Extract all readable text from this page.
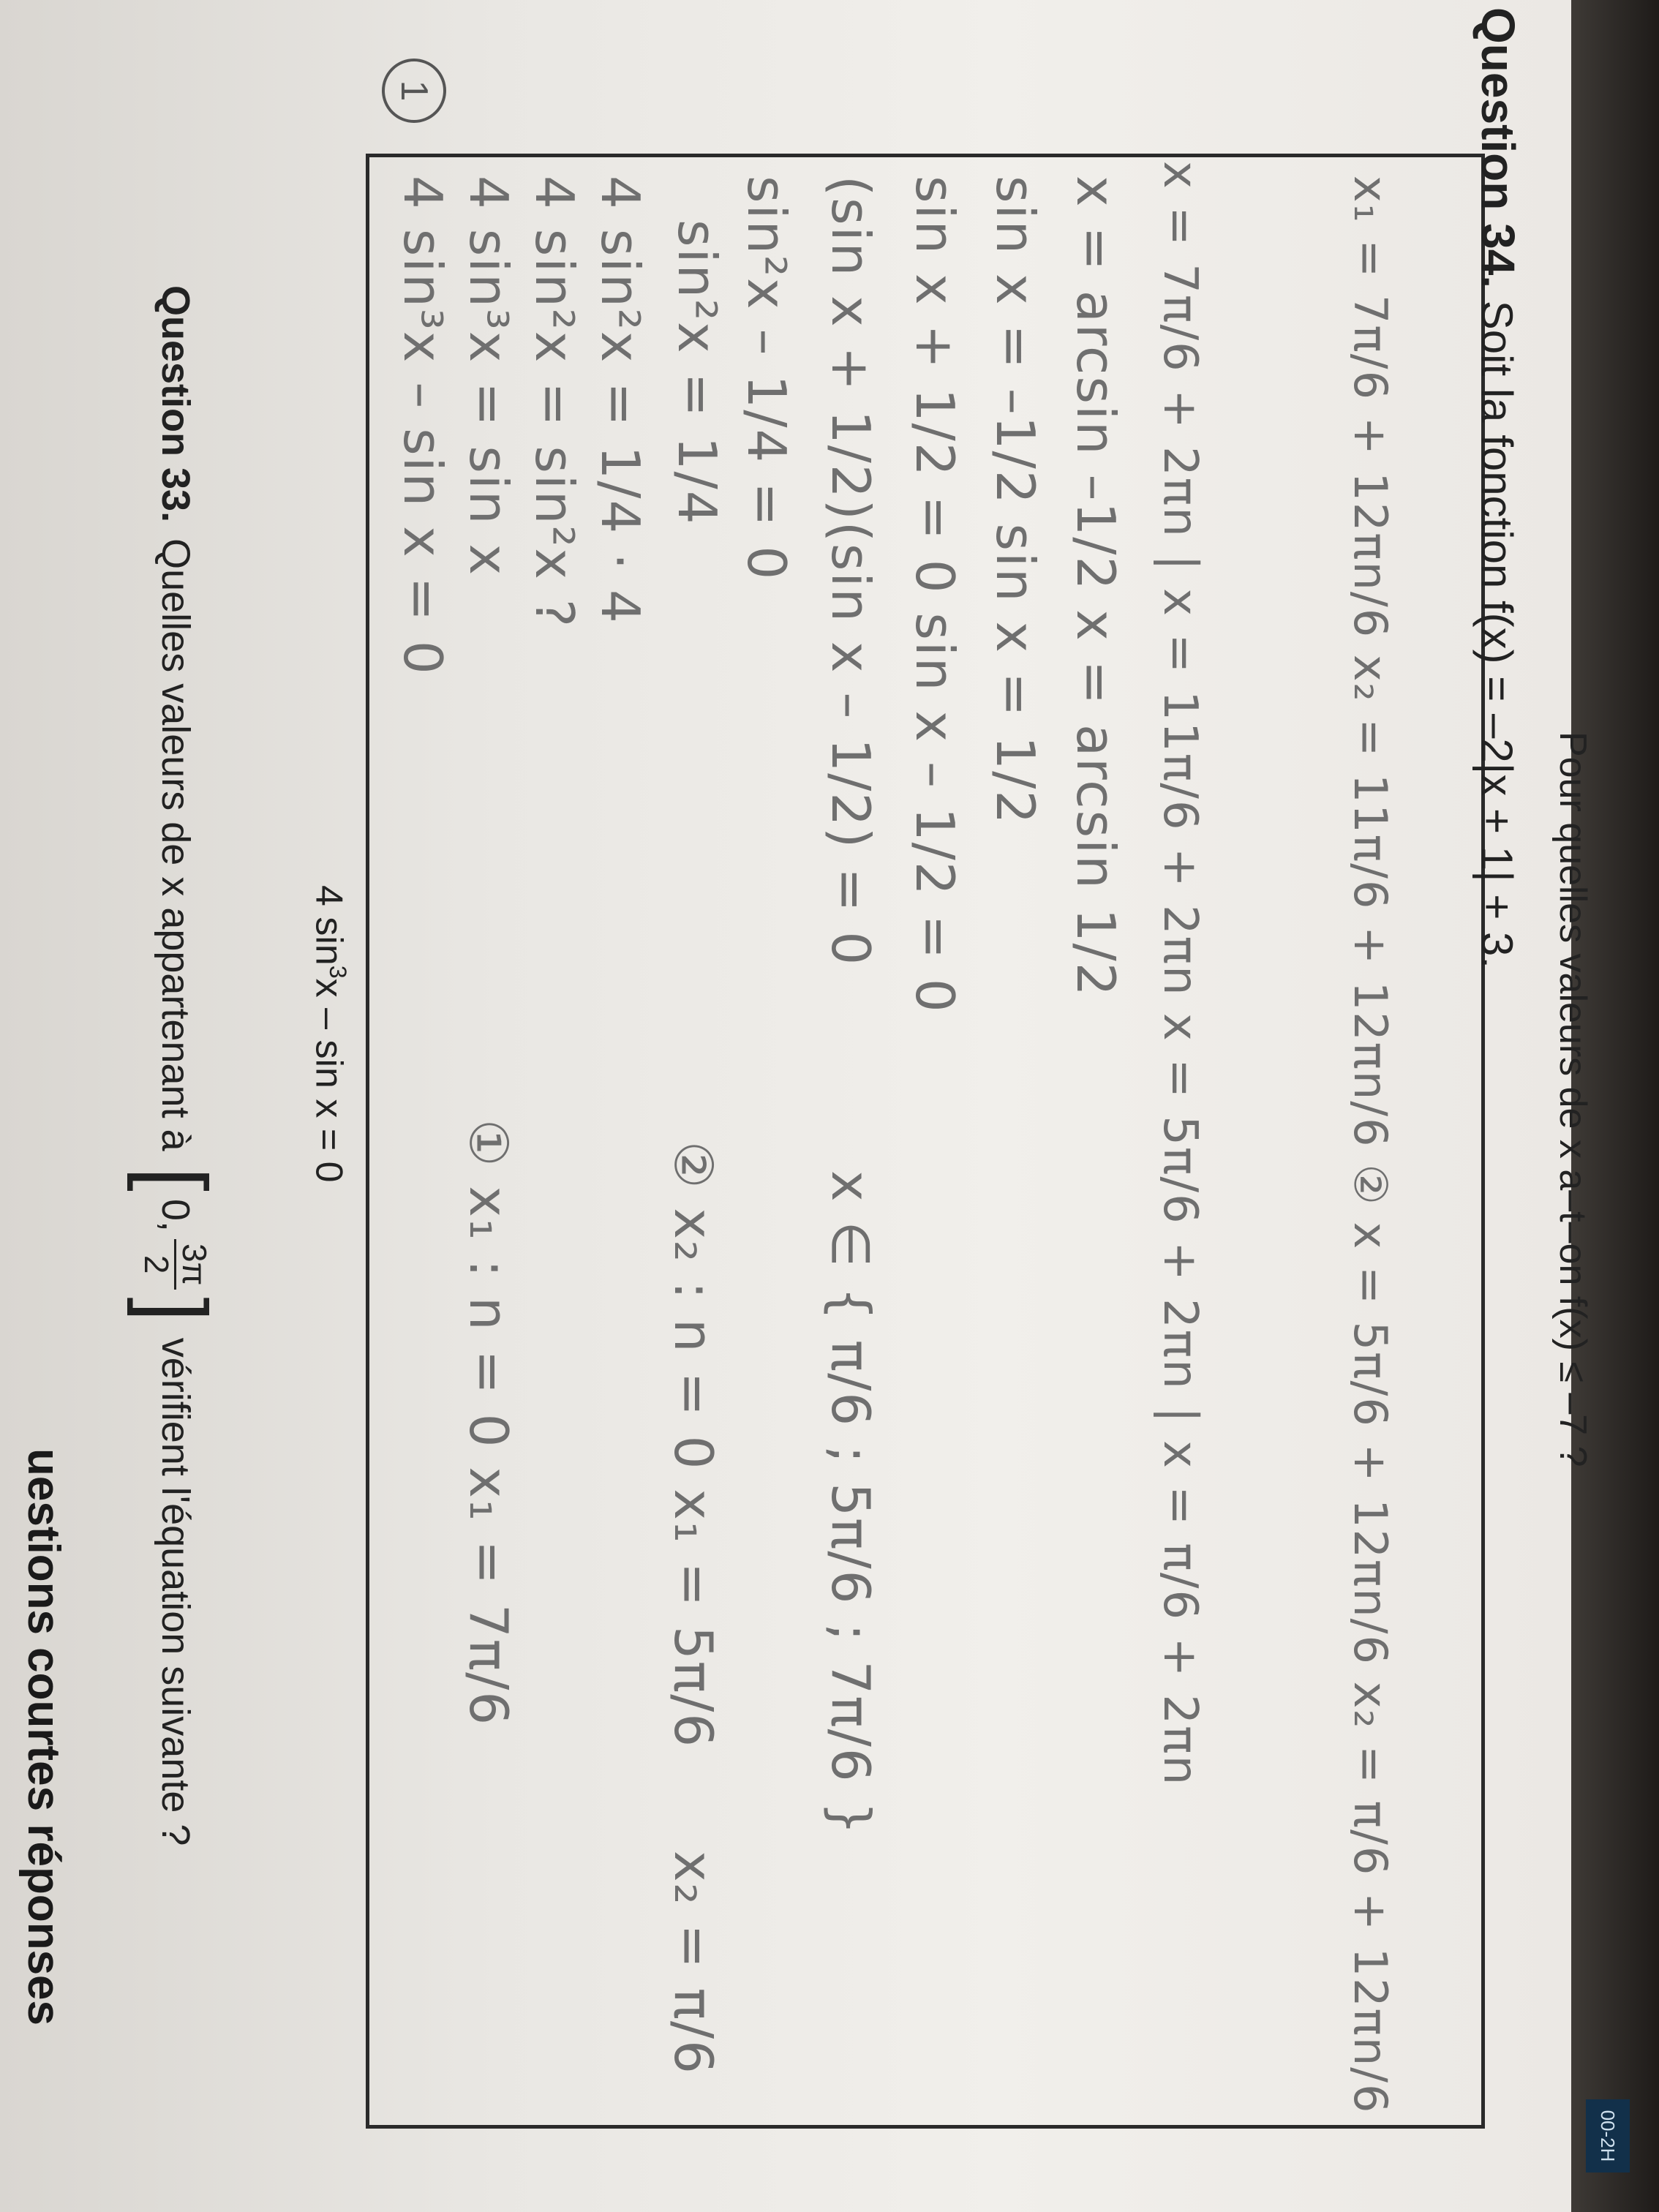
00-2H
uestions courtes réponses
Question 33.
Quelles valeurs de x appartenant à
[
0,
3π
2
]
vérifient l'équation suivante ?
4 $\sin^3x - \sin x = 0$
4 sin³x – sin x = 0 4 sin³x = sin x 4 sin²x = sin²x ? 4 sin²x = 1/4 · 4 sin²x = 1/4 sin²x – 1/4 = 0 (sin x + 1/2)(sin x – 1/2) = 0 sin x + 1/2 = 0 sin x – 1/2 = 0 sin x = –1/2 sin x = 1/2 x = arcsin –1/2 x = arcsin 1/2 x = 7π/6 + 2πn | x = 11π/6 + 2πn x = 5π/6 + 2πn | x = π/6 + 2πn
① x₁ : n = 0 x₁ = 7π/6	② x₂ : n = 0 x₁ = 5π/6 x ∈ { π/6 ; 5π/6 ; 7π/6 }
x₂ = π/6	x₁ = 7π/6 + 12πn/6 x₂ = 11π/6 + 12πn/6 ② x = 5π/6 + 12πn/6 x₂ = π/6 + 12πn/6
1	Question 34. Soit la fonction f(x) = –2|x + 1| + 3.
Pour quelles valeurs de x a–t–on f(x) ≤ –7 ?
